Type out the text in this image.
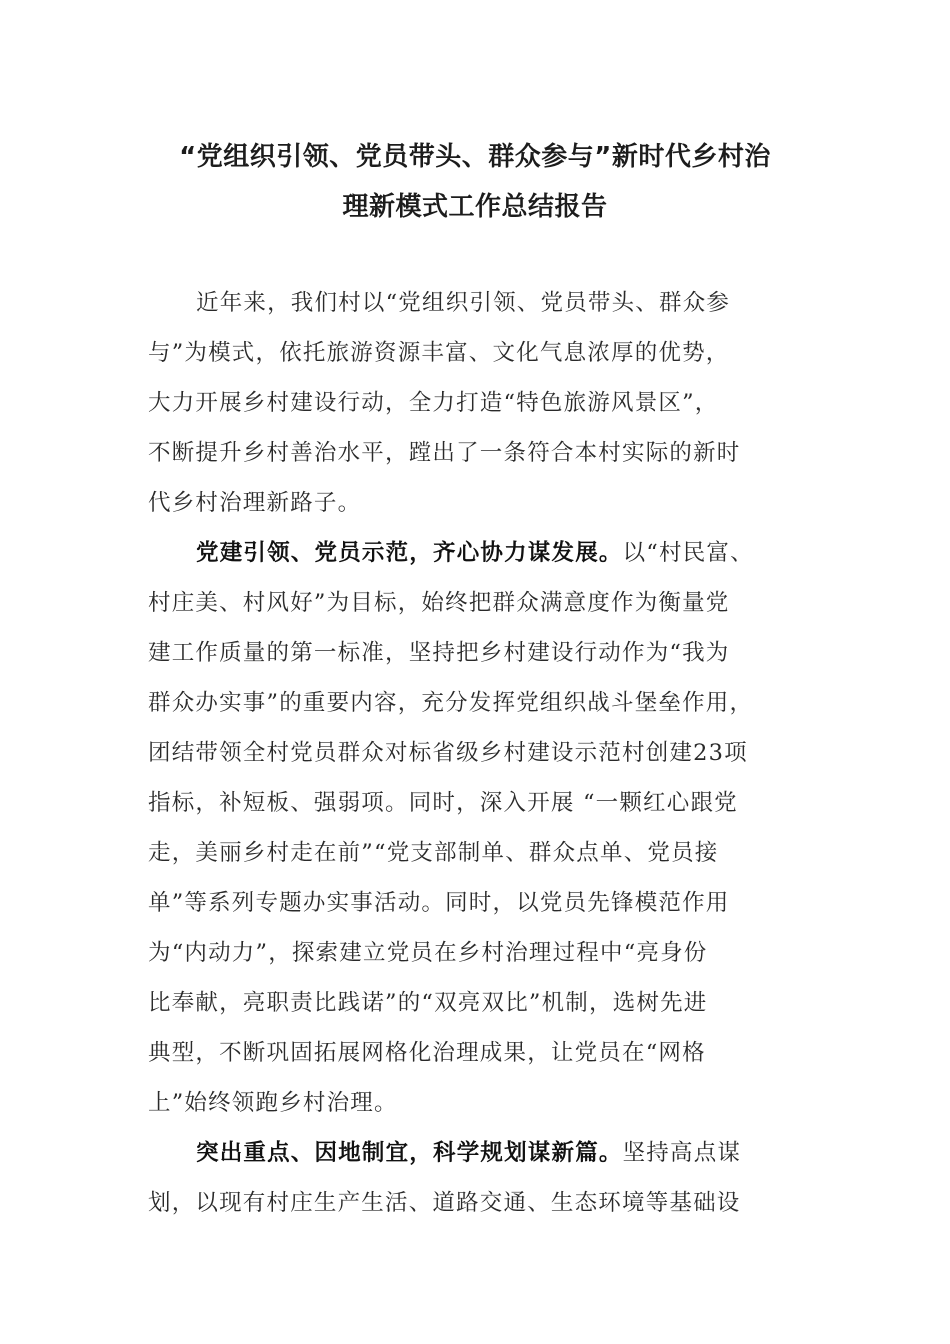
“党组织引领、党员带头、群众参与”新时代乡村治
理新模式工作总结报告
近年来，我们村以“党组织引领、党员带头、群众参
与”为模式，依托旅游资源丰富、文化气息浓厚的优势，
大力开展乡村建设行动，全力打造“特色旅游风景区”，
不断提升乡村善治水平，蹚出了一条符合本村实际的新时
代乡村治理新路子。
党建引领、党员示范，齐心协力谋发展。以“村民富、
村庄美、村风好”为目标，始终把群众满意度作为衡量党
建工作质量的第一标准，坚持把乡村建设行动作为“我为
群众办实事”的重要内容，充分发挥党组织战斗堡垒作用，
团结带领全村党员群众对标省级乡村建设示范村创建23项
指标，补短板、强弱项。同时，深入开展 “一颗红心跟党
走，美丽乡村走在前”“党支部制单、群众点单、党员接
单”等系列专题办实事活动。同时，以党员先锋模范作用
为“内动力”，探索建立党员在乡村治理过程中“亮身份
比奉献，亮职责比践诺”的“双亮双比”机制，选树先进
典型，不断巩固拓展网格化治理成果，让党员在“网格
上”始终领跑乡村治理。
突出重点、因地制宜，科学规划谋新篇。坚持高点谋
划，以现有村庄生产生活、道路交通、生态环境等基础设
